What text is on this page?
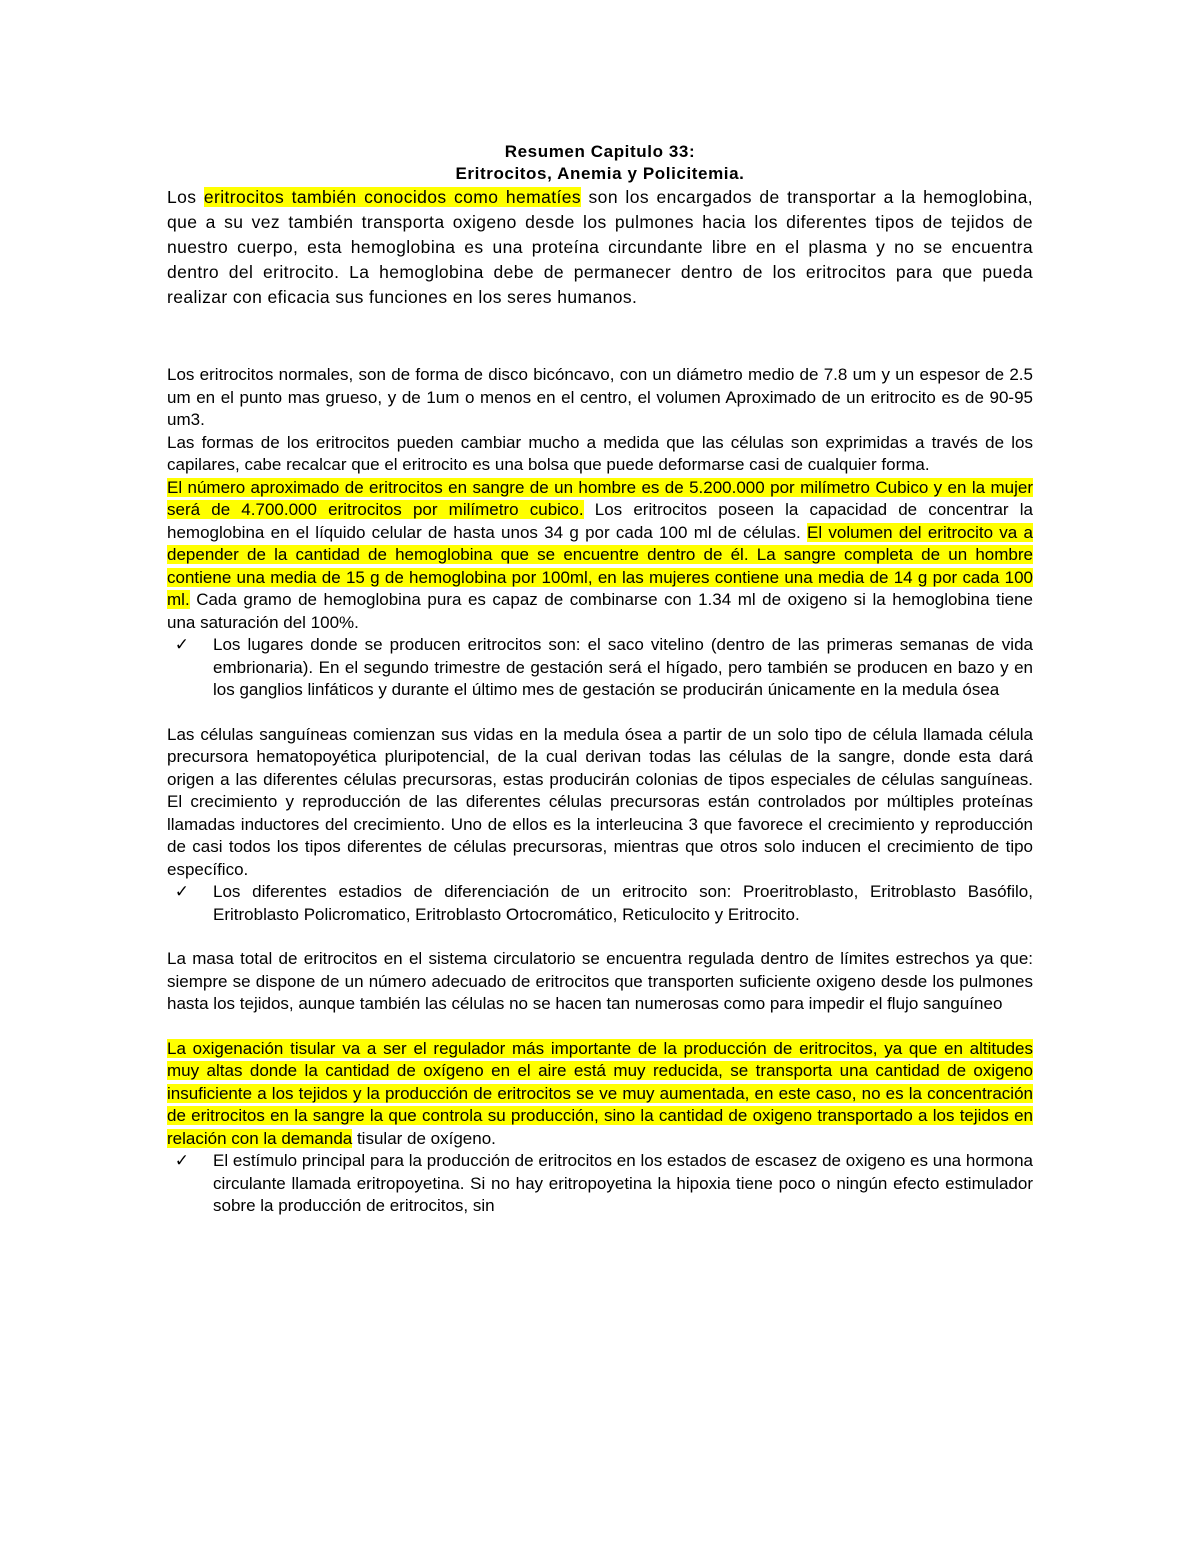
Resumen Capitulo 33:

Eritrocitos, Anemia y Policitemia.

Los eritrocitos también conocidos como hematíes son los encargados de transportar a la hemoglobina, que a su vez también transporta oxigeno desde los pulmones hacia los diferentes tipos de tejidos de nuestro cuerpo, esta hemoglobina es una proteína circundante libre en el plasma y no se encuentra dentro del eritrocito. La hemoglobina debe de permanecer dentro de los eritrocitos para que pueda realizar con eficacia sus funciones en los seres humanos.

Los eritrocitos normales, son de forma de disco bicóncavo, con un diámetro medio de 7.8 um y un espesor de 2.5 um en el punto mas grueso, y de 1um o menos en el centro, el volumen Aproximado de un eritrocito es de 90-95 um3.

Las formas de los eritrocitos pueden cambiar mucho a medida que las células son exprimidas a través de los capilares, cabe recalcar que el eritrocito es una bolsa que puede deformarse casi de cualquier forma.

El número aproximado de eritrocitos en sangre de un hombre es de 5.200.000 por milímetro Cubico y en la mujer será de 4.700.000 eritrocitos por milímetro cubico. Los eritrocitos poseen la capacidad de concentrar la hemoglobina en el líquido celular de hasta unos 34 g por cada 100 ml de células. El volumen del eritrocito va a depender de la cantidad de hemoglobina que se encuentre dentro de él. La sangre completa de un hombre contiene una media de 15 g de hemoglobina por 100ml, en las mujeres contiene una media de 14 g por cada 100 ml. Cada gramo de hemoglobina pura es capaz de combinarse con 1.34 ml de oxigeno si la hemoglobina tiene una saturación del 100%.

✓	Los lugares donde se producen eritrocitos son: el saco vitelino (dentro de las primeras semanas de vida embrionaria). En el segundo trimestre de gestación será el hígado, pero también se producen en bazo y en los ganglios linfáticos y durante el último mes de gestación se producirán únicamente en la medula ósea

Las células sanguíneas comienzan sus vidas en la medula ósea a partir de un solo tipo de célula llamada célula precursora hematopoyética pluripotencial, de la cual derivan todas las células de la sangre, donde esta dará origen a las diferentes células precursoras, estas producirán colonias de tipos especiales de células sanguíneas. El crecimiento y reproducción de las diferentes células precursoras están controlados por múltiples proteínas llamadas inductores del crecimiento. Uno de ellos es la interleucina 3 que favorece el crecimiento y reproducción de casi todos los tipos diferentes de células precursoras, mientras que otros solo inducen el crecimiento de tipo específico.

✓	Los diferentes estadios de diferenciación de un eritrocito son: Proeritroblasto, Eritroblasto Basófilo, Eritroblasto Policromatico, Eritroblasto Ortocromático, Reticulocito y Eritrocito.

La masa total de eritrocitos en el sistema circulatorio se encuentra regulada dentro de límites estrechos ya que: siempre se dispone de un número adecuado de eritrocitos que transporten suficiente oxigeno desde los pulmones hasta los tejidos, aunque también las células no se hacen tan numerosas como para impedir el flujo sanguíneo

La oxigenación tisular va a ser el regulador más importante de la producción de eritrocitos, ya que en altitudes muy altas donde la cantidad de oxígeno en el aire está muy reducida, se transporta una cantidad de oxigeno insuficiente a los tejidos y la producción de eritrocitos se ve muy aumentada, en este caso, no es la concentración de eritrocitos en la sangre la que controla su producción, sino la cantidad de oxigeno transportado a los tejidos en relación con la demanda tisular de oxígeno.

✓	El estímulo principal para la producción de eritrocitos en los estados de escasez de oxigeno es una hormona circulante llamada eritropoyetina. Si no hay eritropoyetina la hipoxia tiene poco o ningún efecto estimulador sobre la producción de eritrocitos, sin
